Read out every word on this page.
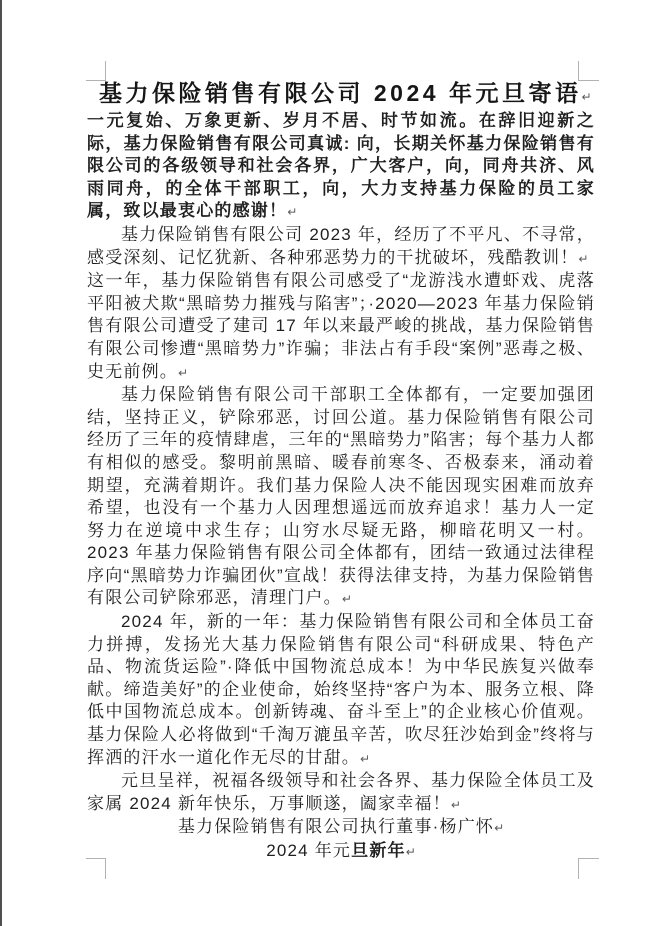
基力保险销售有限公司 2024 年元旦寄语↵

一元复始、万象更新、岁月不居、时节如流。在辞旧迎新之际，基力保险销售有限公司真诚: 向，长期关怀基力保险销售有限公司的各级领导和社会各界，广大客户，向，同舟共济、风雨同舟，的全体干部职工，向，大力支持基力保险的员工家属，致以最衷心的感谢！↵

基力保险销售有限公司 2023 年，经历了不平凡、不寻常，感受深刻、记忆犹新、各种邪恶势力的干扰破坏，残酷教训！↵

这一年，基力保险销售有限公司感受了“龙游浅水遭虾戏、虎落平阳被犬欺“黑暗势力摧残与陷害”；·2020—2023 年基力保险销售有限公司遭受了建司 17 年以来最严峻的挑战，基力保险销售有限公司惨遭“黑暗势力”诈骗；非法占有手段“案例”恶毒之极、史无前例。↵

基力保险销售有限公司干部职工全体都有，一定要加强团结，坚持正义，铲除邪恶，讨回公道。基力保险销售有限公司经历了三年的疫情肆虐，三年的“黑暗势力”陷害；每个基力人都有相似的感受。黎明前黑暗、暖春前寒冬、否极泰来，涌动着期望，充满着期许。我们基力保险人决不能因现实困难而放弃希望，也没有一个基力人因理想遥远而放弃追求！基力人一定努力在逆境中求生存；山穷水尽疑无路，柳暗花明又一村。2023 年基力保险销售有限公司全体都有，团结一致通过法律程序向“黑暗势力诈骗团伙”宣战！获得法律支持，为基力保险销售有限公司铲除邪恶，清理门户。↵

2024 年，新的一年：基力保险销售有限公司和全体员工奋力拼搏，发扬光大基力保险销售有限公司“科研成果、特色产品、物流货运险”·降低中国物流总成本！为中华民族复兴做奉献。缔造美好”的企业使命，始终坚持“客户为本、服务立根、降低中国物流总成本。创新铸魂、奋斗至上”的企业核心价值观。基力保险人必将做到“千淘万漉虽辛苦，吹尽狂沙始到金”终将与挥洒的汗水一道化作无尽的甘甜。↵

元旦呈祥，祝福各级领导和社会各界、基力保险全体员工及家属 2024 新年快乐，万事顺遂，阖家幸福！↵

基力保险销售有限公司执行董事·杨广怀↵

2024 年元旦新年↵
